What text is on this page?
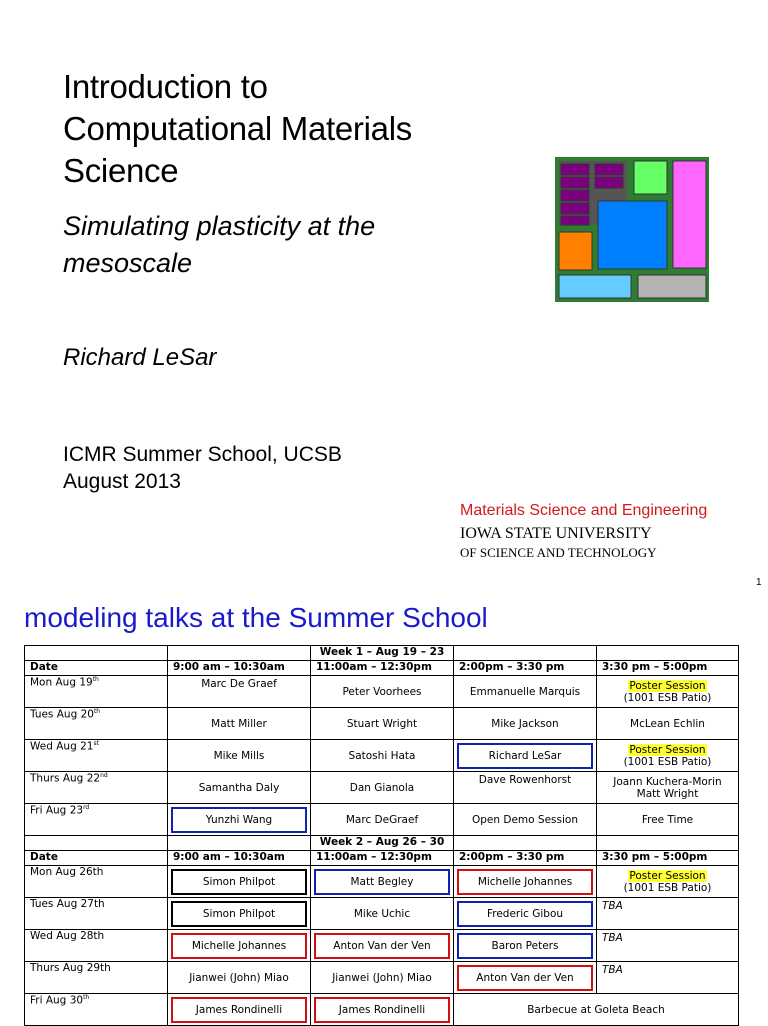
Introduction to
Computational Materials
Science
Simulating plasticity at the
mesoscale
Richard LeSar
ICMR Summer School, UCSB
August 2013
Materials Science and Engineering
IOWA STATE UNIVERSITY
OF SCIENCE AND TECHNOLOGY
1
modeling talks at the Summer School
		Week 1 – Aug 19 – 23		
Date	9:00 am – 10:30am	11:00am – 12:30pm	2:00pm – 3:30 pm	3:30 pm – 5:00pm
Mon Aug 19th	Marc De Graef	Peter Voorhees	Emmanuelle Marquis	Poster Session
(1001 ESB Patio)

Tues Aug 20th	Matt Miller	Stuart Wright	Mike Jackson	McLean Echlin

Wed Aug 21st	Mike Mills	Satoshi Hata	Richard LeSar	Poster Session
(1001 ESB Patio)

Thurs Aug 22nd	Samantha Daly	Dan Gianola	Dave Rowenhorst	Joann Kuchera-Morin
Matt Wright

Fri Aug 23rd	Yunzhi Wang	Marc DeGraef	Open Demo Session	Free Time

		Week 2 – Aug 26 – 30		
Date	9:00 am – 10:30am	11:00am – 12:30pm	2:00pm – 3:30 pm	3:30 pm – 5:00pm
Mon Aug 26th	Simon Philpot	Matt Begley	Michelle Johannes	Poster Session
(1001 ESB Patio)

Tues Aug 27th	Simon Philpot	Mike Uchic	Frederic Gibou	TBA

Wed Aug 28th	Michelle Johannes	Anton Van der Ven	Baron Peters	TBA

Thurs Aug 29th	Jianwei (John) Miao	Jianwei (John) Miao	Anton Van der Ven	TBA

Fri Aug 30th	James Rondinelli	James Rondinelli	Barbecue at Goleta Beach	
